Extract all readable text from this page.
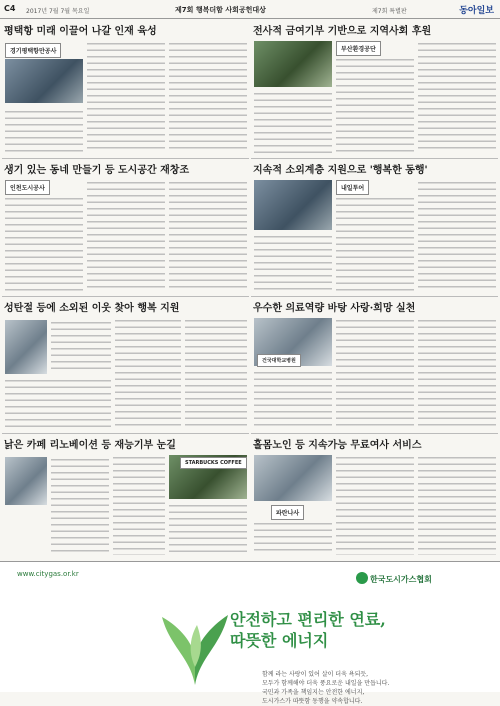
C4 2017년 7월 7월 목요일	제7회 행복더함 사회공헌대상	제7회 특별판	동아일보
평택항 미래 이끌어 나갈 인재 육성
경기평택항만공사
생기 있는 동네 만들기 등 도시공간 재창조
인천도시공사
성탄절 등에 소외된 이웃 찾아 행복 지원
낡은 카페 리노베이션 등 재능기부 눈길
STARBUCKS COFFEE
전사적 금여기부 기반으로 지역사회 후원
부산환경공단
지속적 소외계층 지원으로 '행복한 동행'
내일투어
우수한 의료역량 바탕 사랑·희망 실천
건국대학교병원
홀몸노인 등 지속가능 무료여사 서비스
파란나사
www.citygas.or.kr
한국도시가스협회
안전하고 편리한 연료,
따뜻한 에너지
함께 라는 사랑이 있어 살이 더욱 욕되듯,
모두가 함께해야 더욱 풍요로운 내일을 만듭니다.
국민과 가족을 책임지는 안전한 에너지,
도시가스가 따뜻함 동행을 약속합니다.
